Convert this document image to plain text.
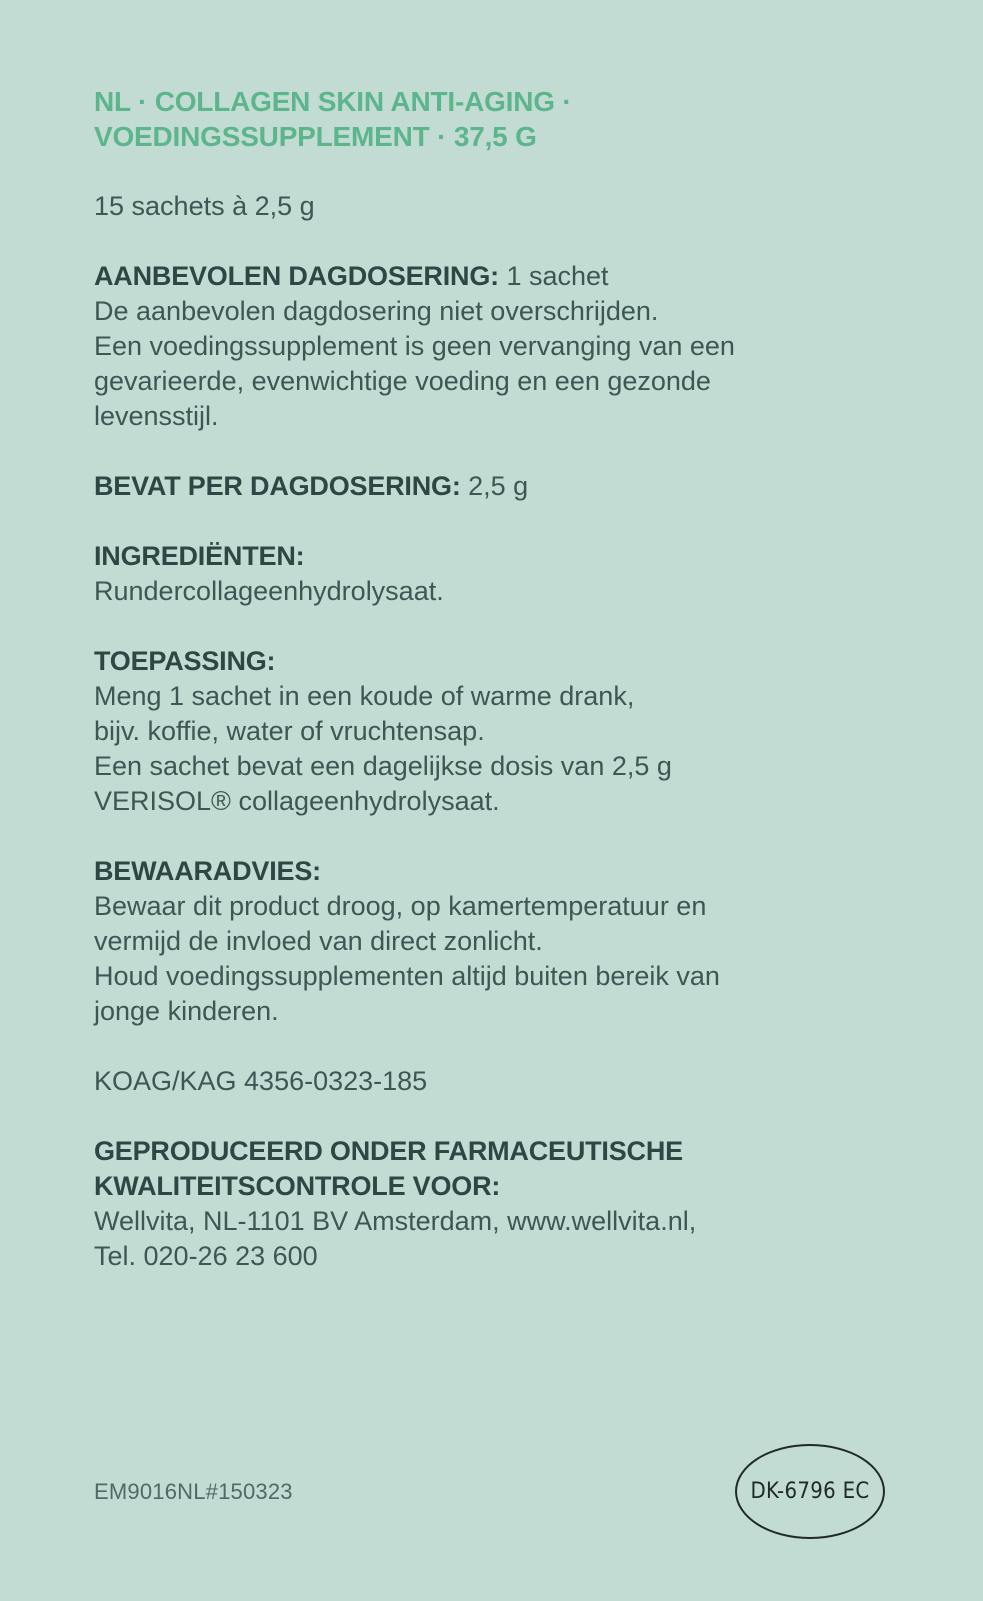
NL · COLLAGEN SKIN ANTI-AGING ·
VOEDINGSSUPPLEMENT · 37,5 G

15 sachets à 2,5 g

AANBEVOLEN DAGDOSERING: 1 sachet
De aanbevolen dagdosering niet overschrijden.
Een voedingssupplement is geen vervanging van een
gevarieerde, evenwichtige voeding en een gezonde
levensstijl.
BEVAT PER DAGDOSERING: 2,5 g
INGREDIËNTEN:
Rundercollageenhydrolysaat.
TOEPASSING:
Meng 1 sachet in een koude of warme drank,
bijv. koffie, water of vruchtensap.
Een sachet bevat een dagelijkse dosis van 2,5 g
VERISOL® collageenhydrolysaat.
BEWAARADVIES:
Bewaar dit product droog, op kamertemperatuur en
vermijd de invloed van direct zonlicht.
Houd voedingssupplementen altijd buiten bereik van
jonge kinderen.

KOAG/KAG 4356-0323-185

GEPRODUCEERD ONDER FARMACEUTISCHE
KWALITEITSCONTROLE VOOR:
Wellvita, NL-1101 BV Amsterdam, www.wellvita.nl,
Tel. 020-26 23 600
EM9016NL#150323	DK-6796 EC
